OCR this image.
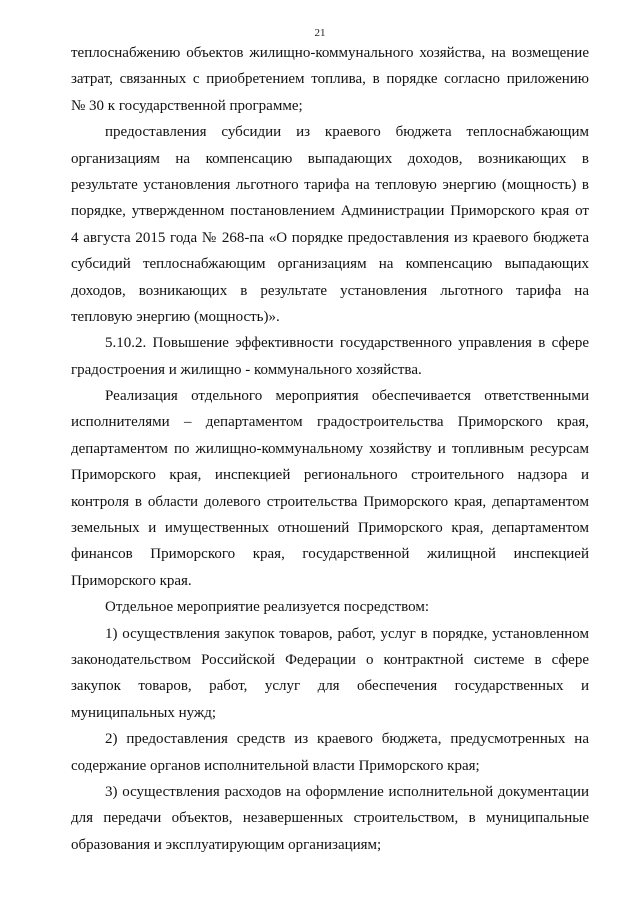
21
теплоснабжению объектов жилищно-коммунального хозяйства, на возмещение
затрат, связанных с приобретением топлива, в порядке согласно приложению
№ 30 к государственной программе;
предоставления субсидии из краевого бюджета теплоснабжающим
организациям на компенсацию выпадающих доходов, возникающих в
результате установления льготного тарифа на тепловую энергию (мощность) в
порядке, утвержденном постановлением Администрации Приморского края от
4 августа 2015 года № 268-па «О порядке предоставления из краевого бюджета
субсидий теплоснабжающим организациям на компенсацию выпадающих
доходов, возникающих в результате установления льготного тарифа на
тепловую энергию (мощность)».
5.10.2. Повышение эффективности государственного управления в сфере
градостроения и жилищно - коммунального хозяйства.
Реализация отдельного мероприятия обеспечивается ответственными
исполнителями – департаментом градостроительства Приморского края,
департаментом по жилищно-коммунальному хозяйству и топливным ресурсам
Приморского края, инспекцией регионального строительного надзора и
контроля в области долевого строительства Приморского края, департаментом
земельных и имущественных отношений Приморского края, департаментом
финансов Приморского края, государственной жилищной инспекцией
Приморского края.
Отдельное мероприятие реализуется посредством:
1) осуществления закупок товаров, работ, услуг в порядке, установленном
законодательством Российской Федерации о контрактной системе в сфере
закупок товаров, работ, услуг для обеспечения государственных и
муниципальных нужд;
2) предоставления средств из краевого бюджета, предусмотренных на
содержание органов исполнительной власти Приморского края;
3) осуществления расходов на оформление исполнительной документации
для передачи объектов, незавершенных строительством, в муниципальные
образования и эксплуатирующим организациям;
